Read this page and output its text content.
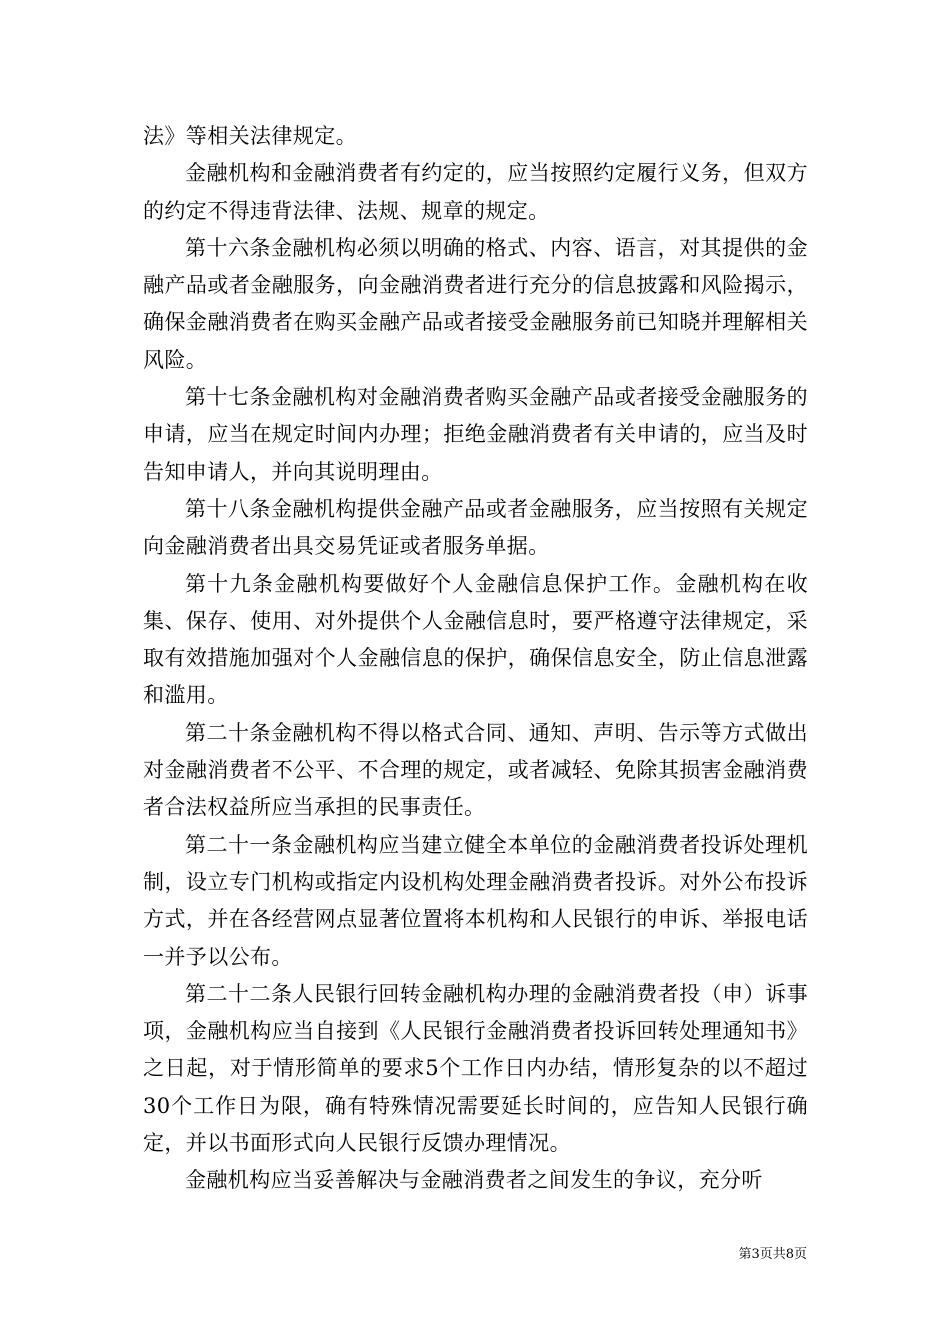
法》等相关法律规定。

金融机构和金融消费者有约定的，应当按照约定履行义务，但双方的约定不得违背法律、法规、规章的规定。

第十六条金融机构必须以明确的格式、内容、语言，对其提供的金融产品或者金融服务，向金融消费者进行充分的信息披露和风险揭示，确保金融消费者在购买金融产品或者接受金融服务前已知晓并理解相关风险。

第十七条金融机构对金融消费者购买金融产品或者接受金融服务的申请，应当在规定时间内办理；拒绝金融消费者有关申请的，应当及时告知申请人，并向其说明理由。

第十八条金融机构提供金融产品或者金融服务，应当按照有关规定向金融消费者出具交易凭证或者服务单据。

第十九条金融机构要做好个人金融信息保护工作。金融机构在收集、保存、使用、对外提供个人金融信息时，要严格遵守法律规定，采取有效措施加强对个人金融信息的保护，确保信息安全，防止信息泄露和滥用。

第二十条金融机构不得以格式合同、通知、声明、告示等方式做出对金融消费者不公平、不合理的规定，或者减轻、免除其损害金融消费者合法权益所应当承担的民事责任。

第二十一条金融机构应当建立健全本单位的金融消费者投诉处理机制，设立专门机构或指定内设机构处理金融消费者投诉。对外公布投诉方式，并在各经营网点显著位置将本机构和人民银行的申诉、举报电话一并予以公布。

第二十二条人民银行回转金融机构办理的金融消费者投（申）诉事项，金融机构应当自接到《人民银行金融消费者投诉回转处理通知书》之日起，对于情形简单的要求5个工作日内办结，情形复杂的以不超过30个工作日为限，确有特殊情况需要延长时间的，应告知人民银行确定，并以书面形式向人民银行反馈办理情况。

金融机构应当妥善解决与金融消费者之间发生的争议，充分听

第3页共8页
